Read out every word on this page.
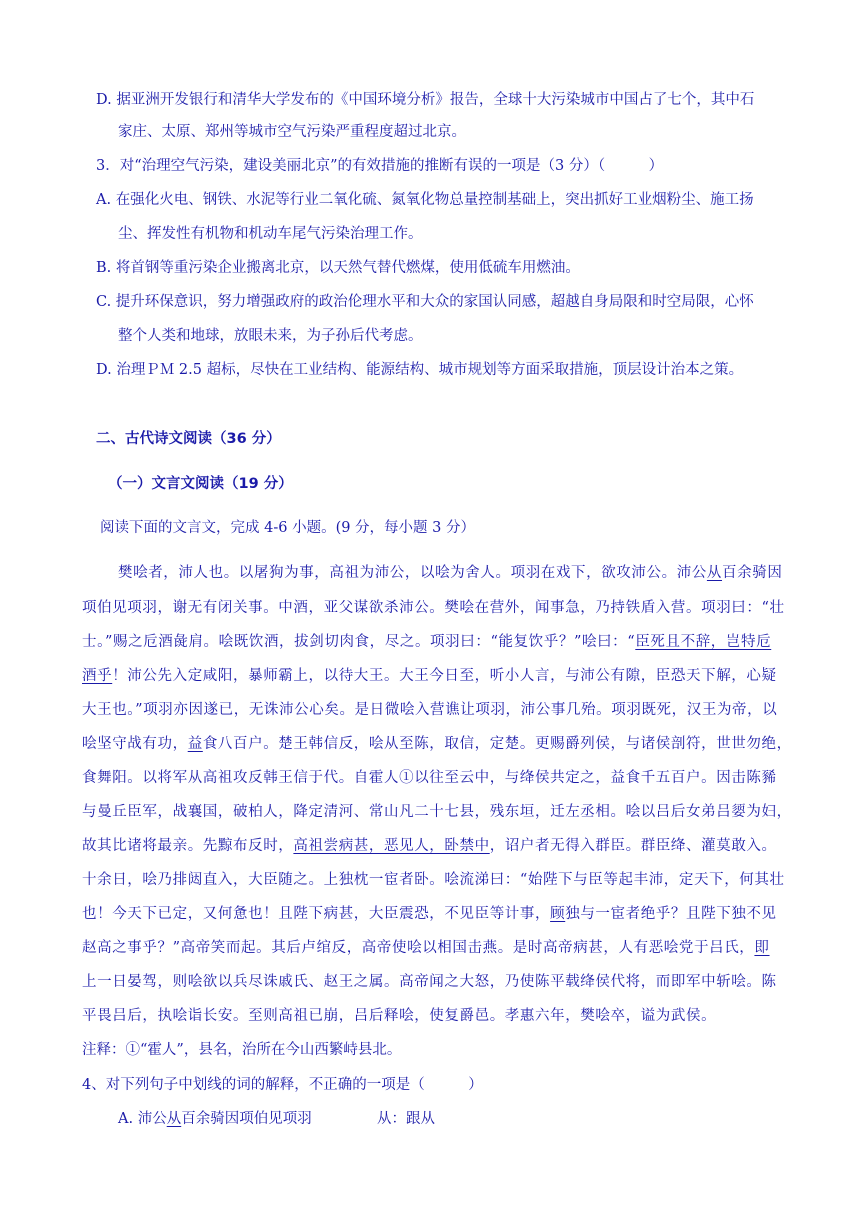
D. 据亚洲开发银行和清华大学发布的《中国环境分析》报告，全球十大污染城市中国占了七个，其中石
家庄、太原、郑州等城市空气污染严重程度超过北京。
3．对“治理空气污染，建设美丽北京”的有效措施的推断有误的一项是（3 分）（　　　）
A. 在强化火电、钢铁、水泥等行业二氧化硫、氮氧化物总量控制基础上，突出抓好工业烟粉尘、施工扬
尘、挥发性有机物和机动车尾气污染治理工作。
B. 将首钢等重污染企业搬离北京，以天然气替代燃煤，使用低硫车用燃油。
C. 提升环保意识，努力增强政府的政治伦理水平和大众的家国认同感，超越自身局限和时空局限，心怀
整个人类和地球，放眼未来，为子孙后代考虑。
D. 治理ＰＭ 2.5 超标，尽快在工业结构、能源结构、城市规划等方面采取措施，顶层设计治本之策。
二、古代诗文阅读（36 分）
（一）文言文阅读（19 分）
阅读下面的文言文，完成 4-6 小题。(9 分，每小题 3 分）
樊哙者，沛人也。以屠狗为事，高祖为沛公，以哙为舍人。项羽在戏下，欲攻沛公。沛公从百余骑因
项伯见项羽，谢无有闭关事。中酒，亚父谋欲杀沛公。樊哙在营外，闻事急，乃持铁盾入营。项羽曰：“壮
士。”赐之卮酒彘肩。哙既饮酒，拔剑切肉食，尽之。项羽曰：“能复饮乎？”哙曰：“臣死且不辞，岂特卮
酒乎！沛公先入定咸阳，暴师霸上，以待大王。大王今日至，听小人言，与沛公有隙，臣恐天下解，心疑
大王也。”项羽亦因遂已，无诛沛公心矣。是日微哙入营谯让项羽，沛公事几殆。项羽既死，汉王为帝，以
哙坚守战有功，益食八百户。楚王韩信反，哙从至陈，取信，定楚。更赐爵列侯，与诸侯剖符，世世勿绝，
食舞阳。以将军从高祖攻反韩王信于代。自霍人①以往至云中，与绛侯共定之，益食千五百户。因击陈豨
与曼丘臣军，战襄国，破柏人，降定清河、常山凡二十七县，残东垣，迁左丞相。哙以吕后女弟吕媭为妇，
故其比诸将最亲。先黥布反时，高祖尝病甚，恶见人，卧禁中，诏户者无得入群臣。群臣绛、灌莫敢入。
十余日，哙乃排闼直入，大臣随之。上独枕一宦者卧。哙流涕曰：“始陛下与臣等起丰沛，定天下，何其壮
也！今天下已定，又何惫也！且陛下病甚，大臣震恐，不见臣等计事，顾独与一宦者绝乎？且陛下独不见
赵高之事乎？”高帝笑而起。其后卢绾反，高帝使哙以相国击燕。是时高帝病甚，人有恶哙党于吕氏，即
上一日晏驾，则哙欲以兵尽诛戚氏、赵王之属。高帝闻之大怒，乃使陈平载绛侯代将，而即军中斩哙。陈
平畏吕后，执哙诣长安。至则高祖已崩，吕后释哙，使复爵邑。孝惠六年，樊哙卒，谥为武侯。
注释：①“霍人”，县名，治所在今山西繁峙县北。
4、对下列句子中划线的词的解释，不正确的一项是（　　　）
A. 沛公从百余骑因项伯见项羽	从：跟从
